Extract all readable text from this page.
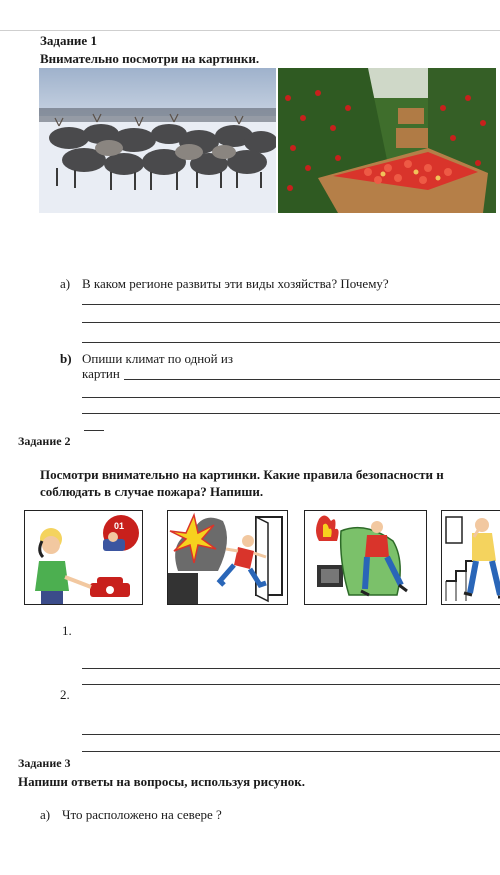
Задание 1
Внимательно посмотри на картинки.
a) В каком регионе развиты эти виды хозяйства? Почему?
b) Опиши климат по одной из
картин
Задание 2
Посмотри внимательно на картинки. Какие правила безопасности н
соблюдать в случае пожара? Напиши.
01
1.
2.
Задание 3
Напиши ответы на вопросы, используя рисунок.
a) Что расположено на севере ?
